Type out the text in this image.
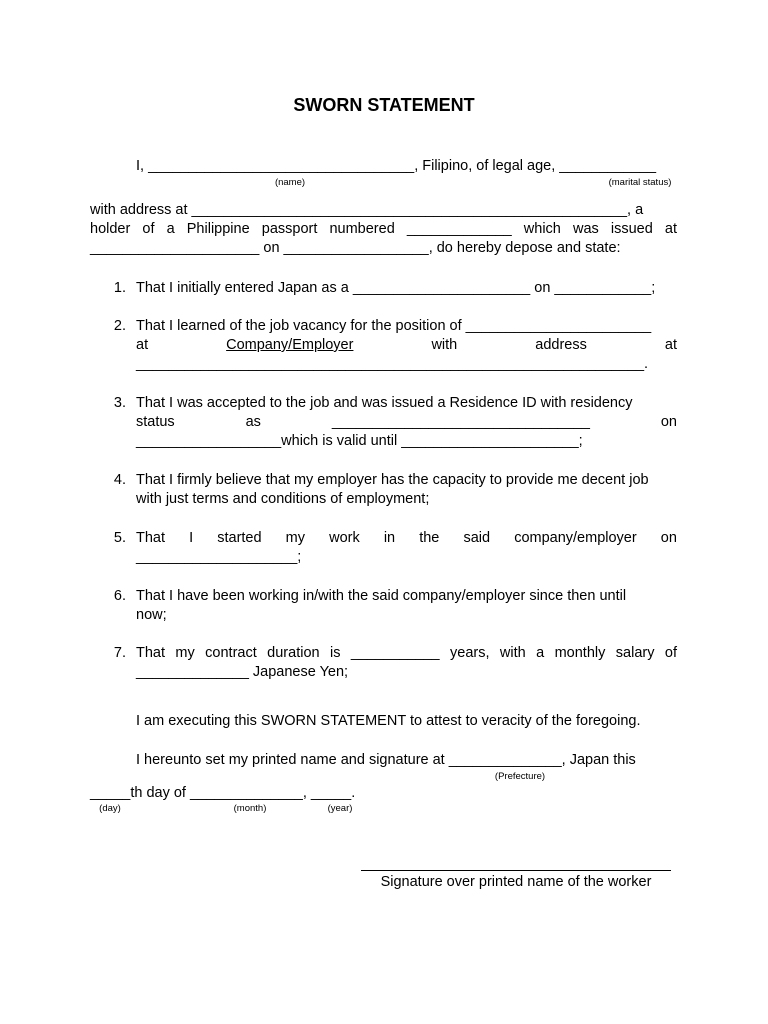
SWORN STATEMENT
I, _________________________________, Filipino, of legal age, ____________
(name)	(marital status)
with address at ______________________________________________________, a
holder of a Philippine passport numbered _____________ which was issued at
_____________________ on __________________, do hereby depose and state:
1. That I initially entered Japan as a ______________________ on ____________;
2. That I learned of the job vacancy for the position of _______________________
at	Company/Employer	with	address	at
_______________________________________________________________.
3. That I was accepted to the job and was issued a Residence ID with residency
status	as	________________________________	on
__________________which is valid until ______________________;
4. That I firmly believe that my employer has the capacity to provide me decent job
with just terms and conditions of employment;
5. That I started my work in the said company/employer on
____________________;
6. That I have been working in/with the said company/employer since then until
now;
7. That my contract duration is ___________ years, with a monthly salary of
______________ Japanese Yen;
I am executing this SWORN STATEMENT to attest to veracity of the foregoing.
I hereunto set my printed name and signature at ______________, Japan this
(Prefecture)
_____th day of ______________, _____.
(day)	(month)	(year)
Signature over printed name of the worker
